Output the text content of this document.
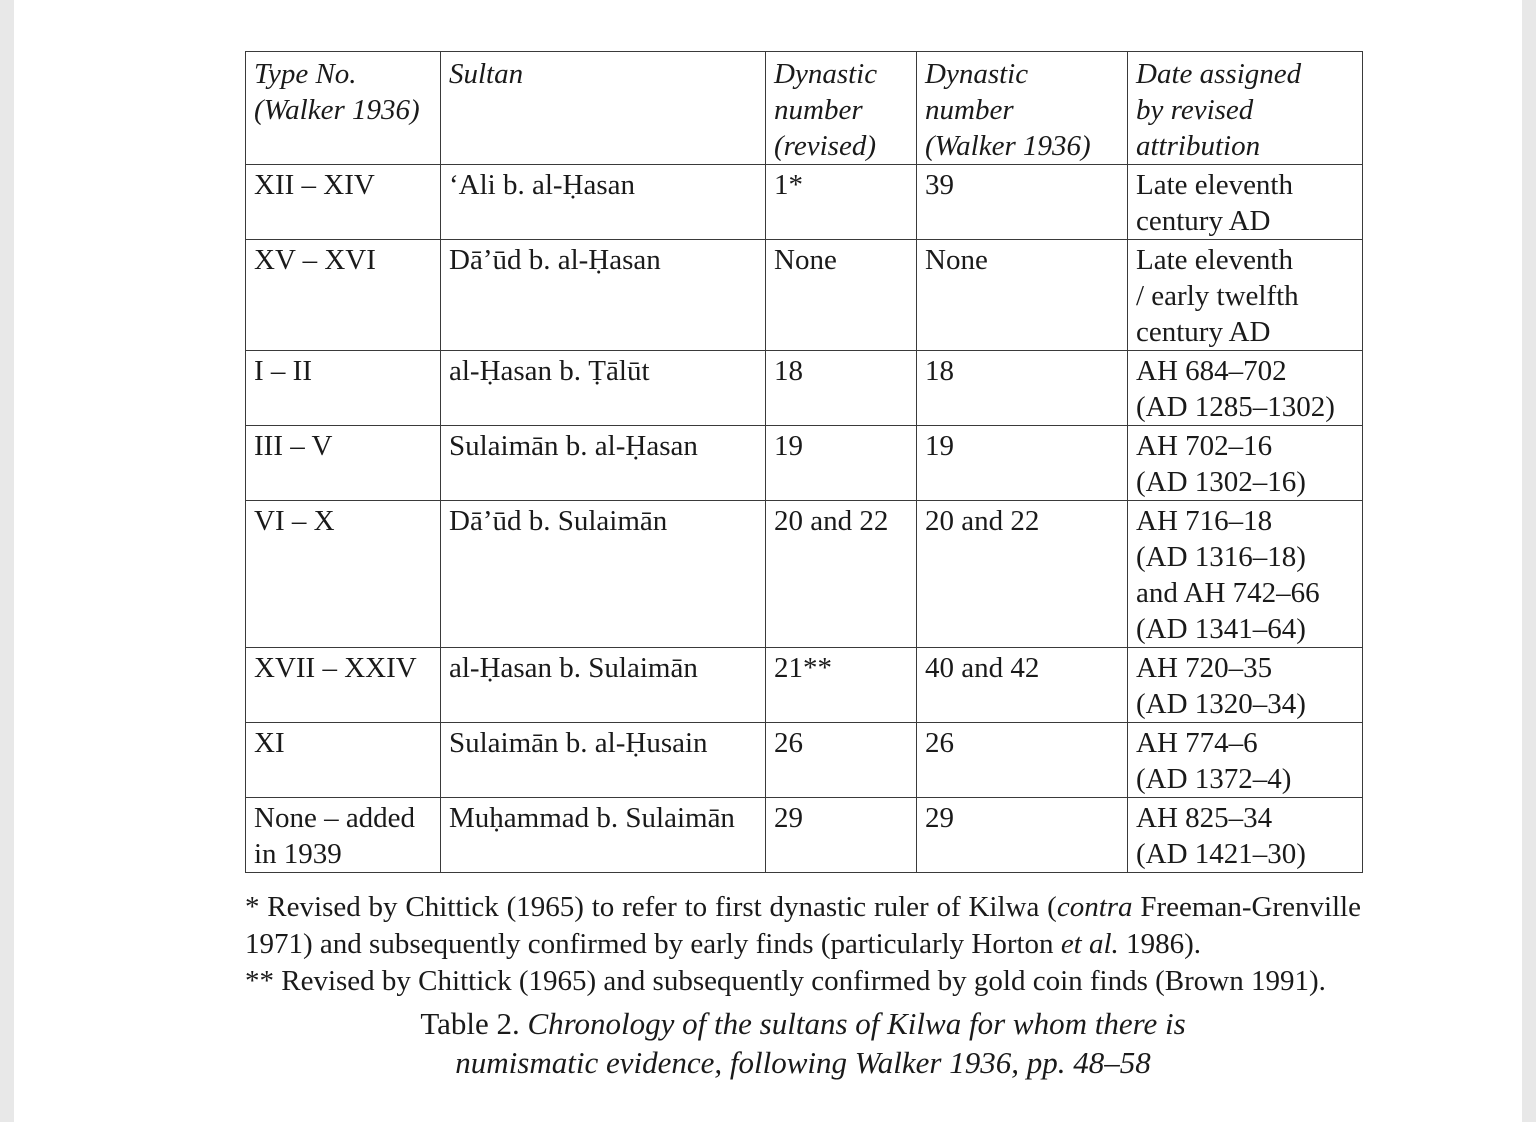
Type No.
(Walker 1936)	Sultan	Dynastic
number
(revised)	Dynastic
number
(Walker 1936)	Date assigned
by revised
attribution

XII – XIV	‘Ali b. al-Ḥasan	1*	39	Late eleventh
century AD

XV – XVI	Dā’ūd b. al-Ḥasan	None	None	Late eleventh
/ early twelfth
century AD

I – II	al-Ḥasan b. Ṭālūt	18	18	AH 684–702
(AD 1285–1302)

III – V	Sulaimān b. al-Ḥasan	19	19	AH 702–16
(AD 1302–16)

VI – X	Dā’ūd b. Sulaimān	20 and 22	20 and 22	AH 716–18
(AD 1316–18)
and AH 742–66
(AD 1341–64)

XVII – XXIV	al-Ḥasan b. Sulaimān	21**	40 and 42	AH 720–35
(AD 1320–34)

XI	Sulaimān b. al-Ḥusain	26	26	AH 774–6
(AD 1372–4)

None – added
in 1939	Muḥammad b. Sulaimān	29	29	AH 825–34
(AD 1421–30)

* Revised by Chittick (1965) to refer to first dynastic ruler of Kilwa (contra Freeman-Grenville 1971) and subsequently confirmed by early finds (particularly Horton et al. 1986).

** Revised by Chittick (1965) and subsequently confirmed by gold coin finds (Brown 1991).

Table 2. Chronology of the sultans of Kilwa for whom there is
numismatic evidence, following Walker 1936, pp. 48–58
